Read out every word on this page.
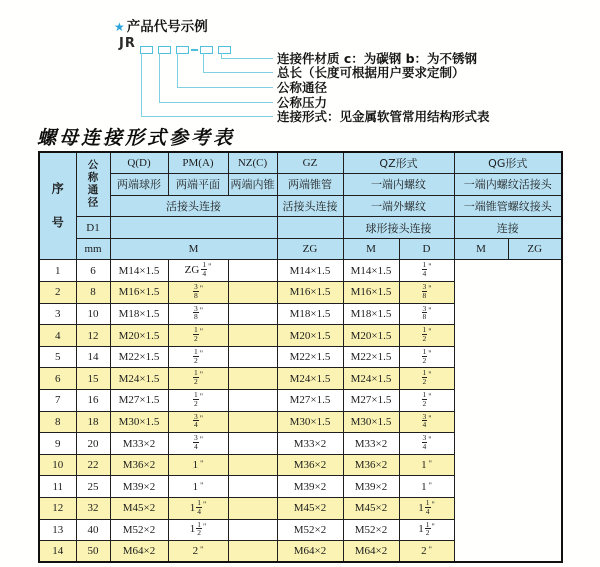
★ 产品代号示例
JR
连接件材质 c：为碳钢 b：为不锈钢
总长（长度可根据用户要求定制）
公称通径
公称压力
连接形式：见金属软管常用结构形式表
螺母连接形式参考表
序号	公称通径	Q(D)	PM(A)	NZ(C)	GZ	QZ形式		QG形式	
		两端球形	两端平面	两端内锥	两端锥管	一端内螺纹		一端内螺纹活接头	
		活接头连接			活接头连接	一端外螺纹		一端锥管螺纹接头	
	D1					球形接头连接		连接	
	mm	M			ZG	M	D	M	ZG
1	6	M14×1.5	ZG $\frac{1}{4} ^"$		M14×1.5	M14×1.5	$\frac{1}{4} ^"$
2	8	M16×1.5	$\frac{3}{8} ^"$		M16×1.5	M16×1.5	$\frac{3}{8} ^"$
3	10	M18×1.5	$\frac{3}{8} ^"$		M18×1.5	M18×1.5	$\frac{3}{8} ^"$
4	12	M20×1.5	$\frac{1}{2} ^"$		M20×1.5	M20×1.5	$\frac{1}{2} ^"$
5	14	M22×1.5	$\frac{1}{2} ^"$		M22×1.5	M22×1.5	$\frac{1}{2} ^"$
6	15	M24×1.5	$\frac{1}{2} ^"$		M24×1.5	M24×1.5	$\frac{1}{2} ^"$
7	16	M27×1.5	$\frac{1}{2} ^"$		M27×1.5	M27×1.5	$\frac{1}{2} ^"$
8	18	M30×1.5	$\frac{3}{4} ^"$		M30×1.5	M30×1.5	$\frac{3}{4} ^"$
9	20	M33×2	$\frac{3}{4} ^"$		M33×2	M33×2	$\frac{3}{4} ^"$
10	22	M36×2	1 "		M36×2	M36×2	1 "
11	25	M39×2	1 "		M39×2	M39×2	1 "
12	32	M45×2	$1 \frac{1}{4} ^"$		M45×2	M45×2	$1 \frac{1}{4} ^"$
13	40	M52×2	$1 \frac{1}{2} ^"$		M52×2	M52×2	$1 \frac{1}{2} ^"$
14	50	M64×2	2 "		M64×2	M64×2	2 "
